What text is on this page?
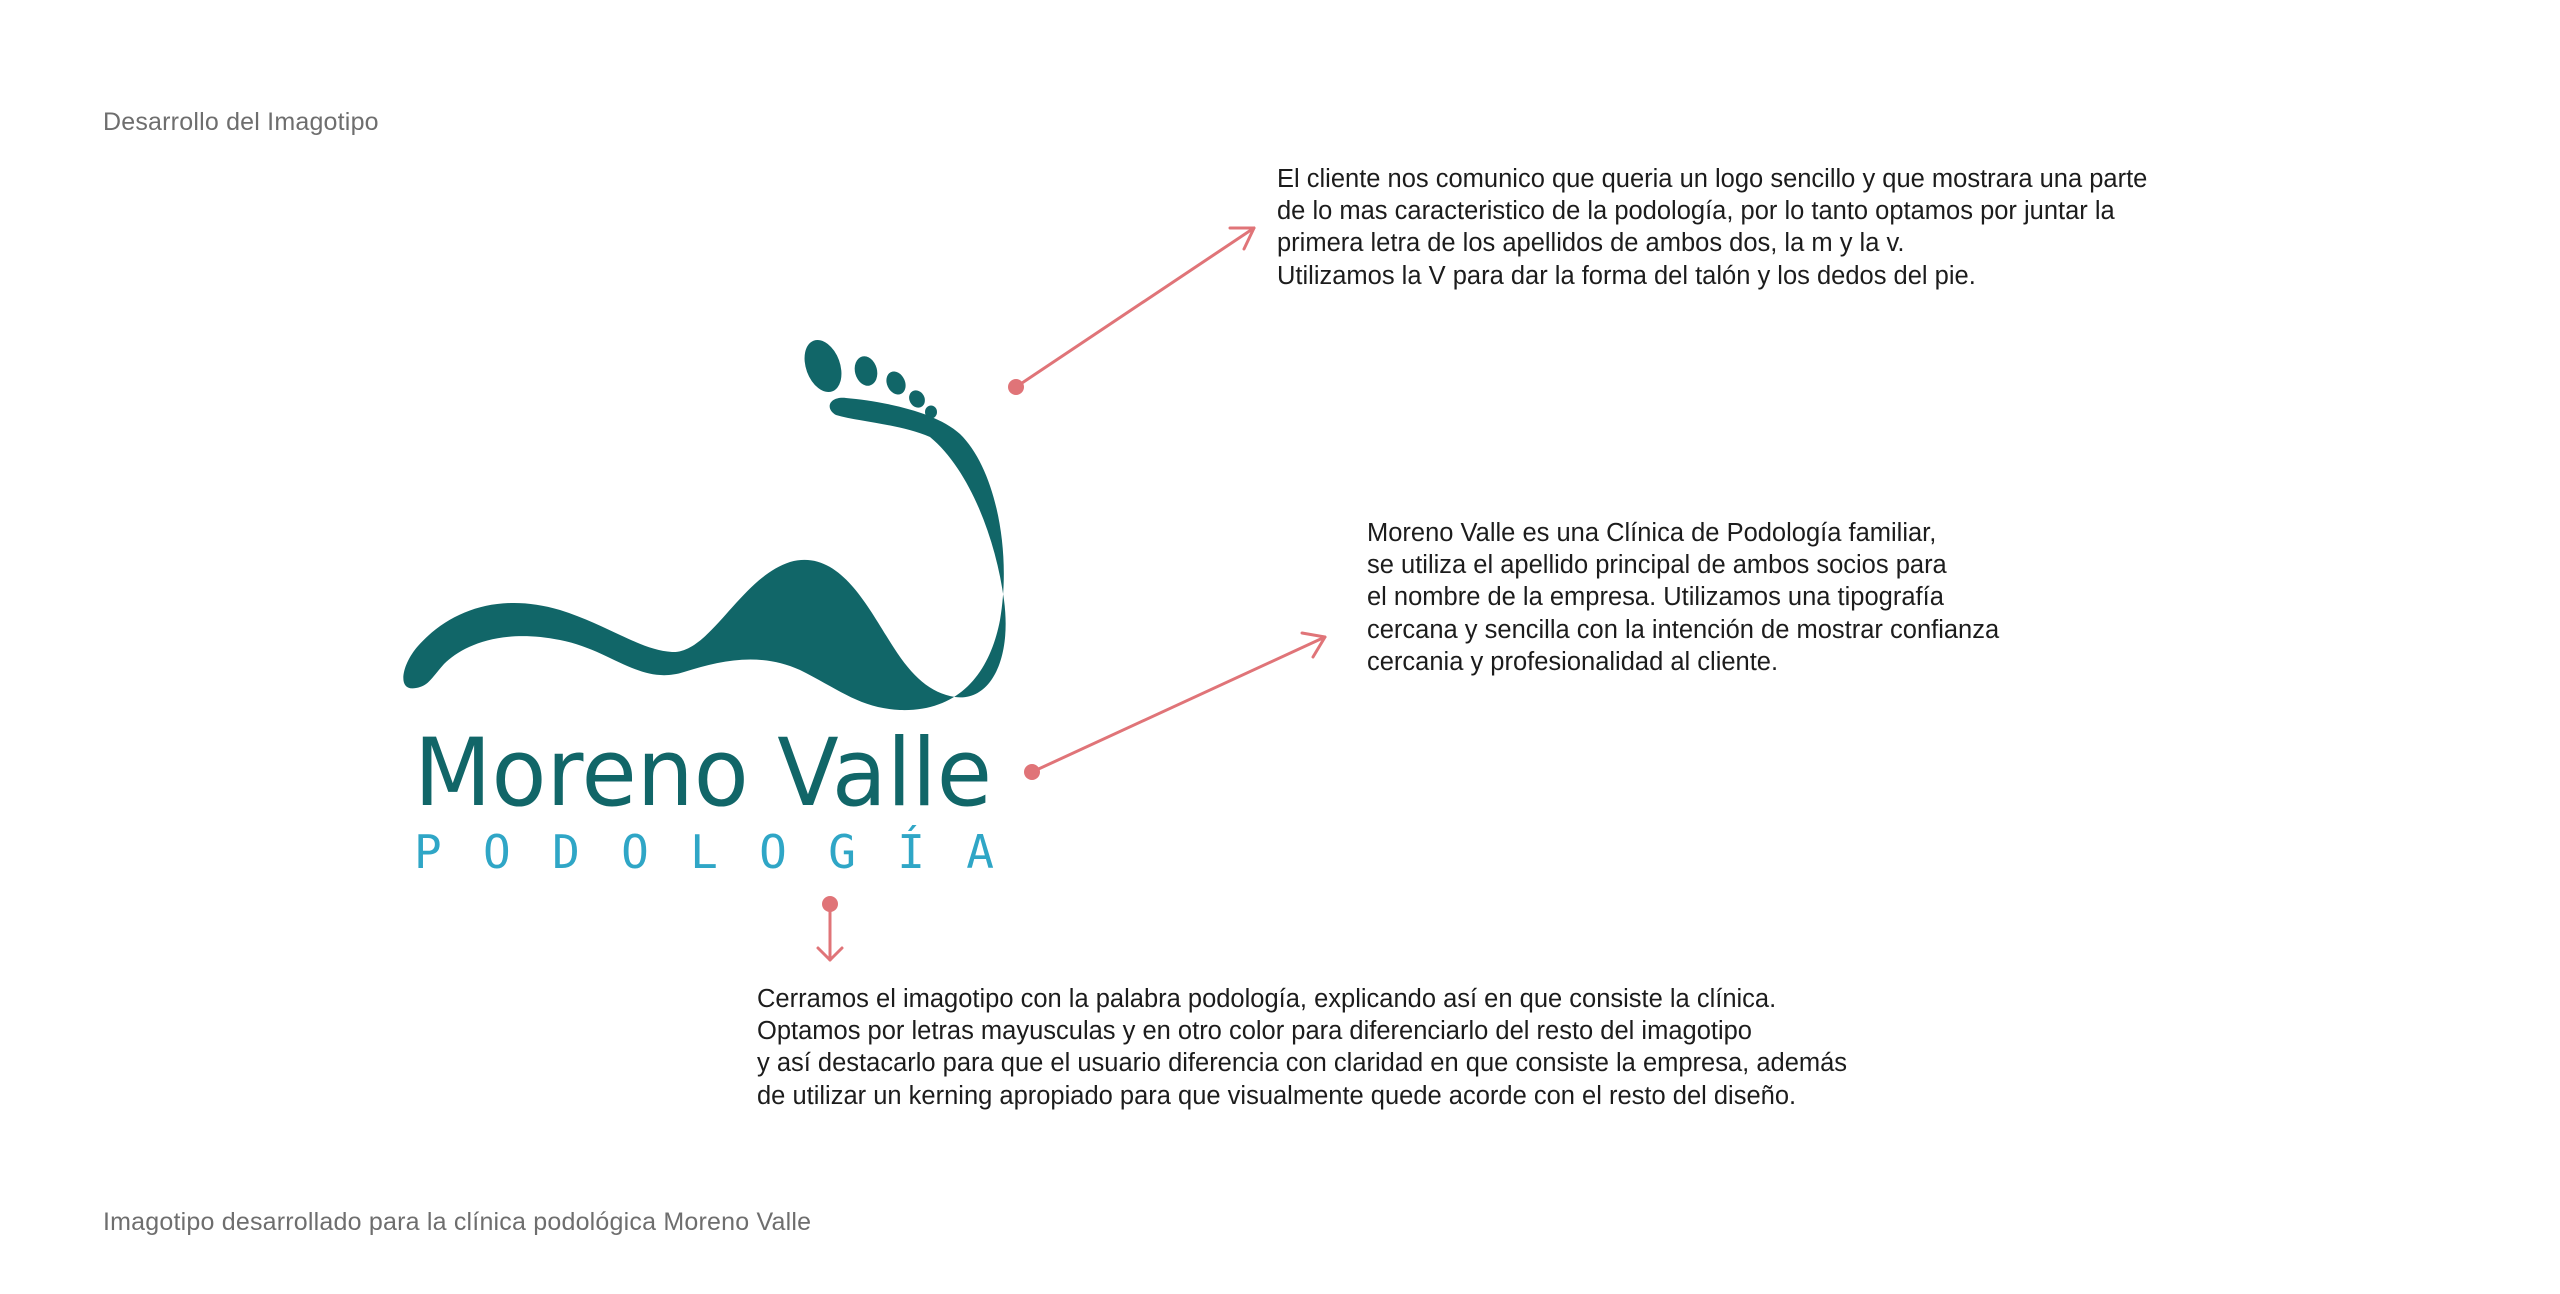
Desarrollo del Imagotipo
Moreno Valle
PODOLOGÍA
El cliente nos comunico que queria un logo sencillo y que mostrara una parte
de lo mas caracteristico de la podología, por lo tanto optamos por juntar la
primera letra de los apellidos de ambos dos, la m y la v.
Utilizamos la V para dar la forma del talón y los dedos del pie.
Moreno Valle es una Clínica de Podología familiar,
se utiliza el apellido principal de ambos socios para
el nombre de la empresa. Utilizamos una tipografía
cercana y sencilla con la intención de mostrar confianza
cercania y profesionalidad al cliente.
Cerramos el imagotipo con la palabra podología, explicando así en que consiste la clínica.
Optamos por letras mayusculas y en otro color para diferenciarlo del resto del imagotipo
y así destacarlo para que el usuario diferencia con claridad en que consiste la empresa, además
de utilizar un kerning apropiado para que visualmente quede acorde con el resto del diseño.
Imagotipo desarrollado para la clínica podológica Moreno Valle
